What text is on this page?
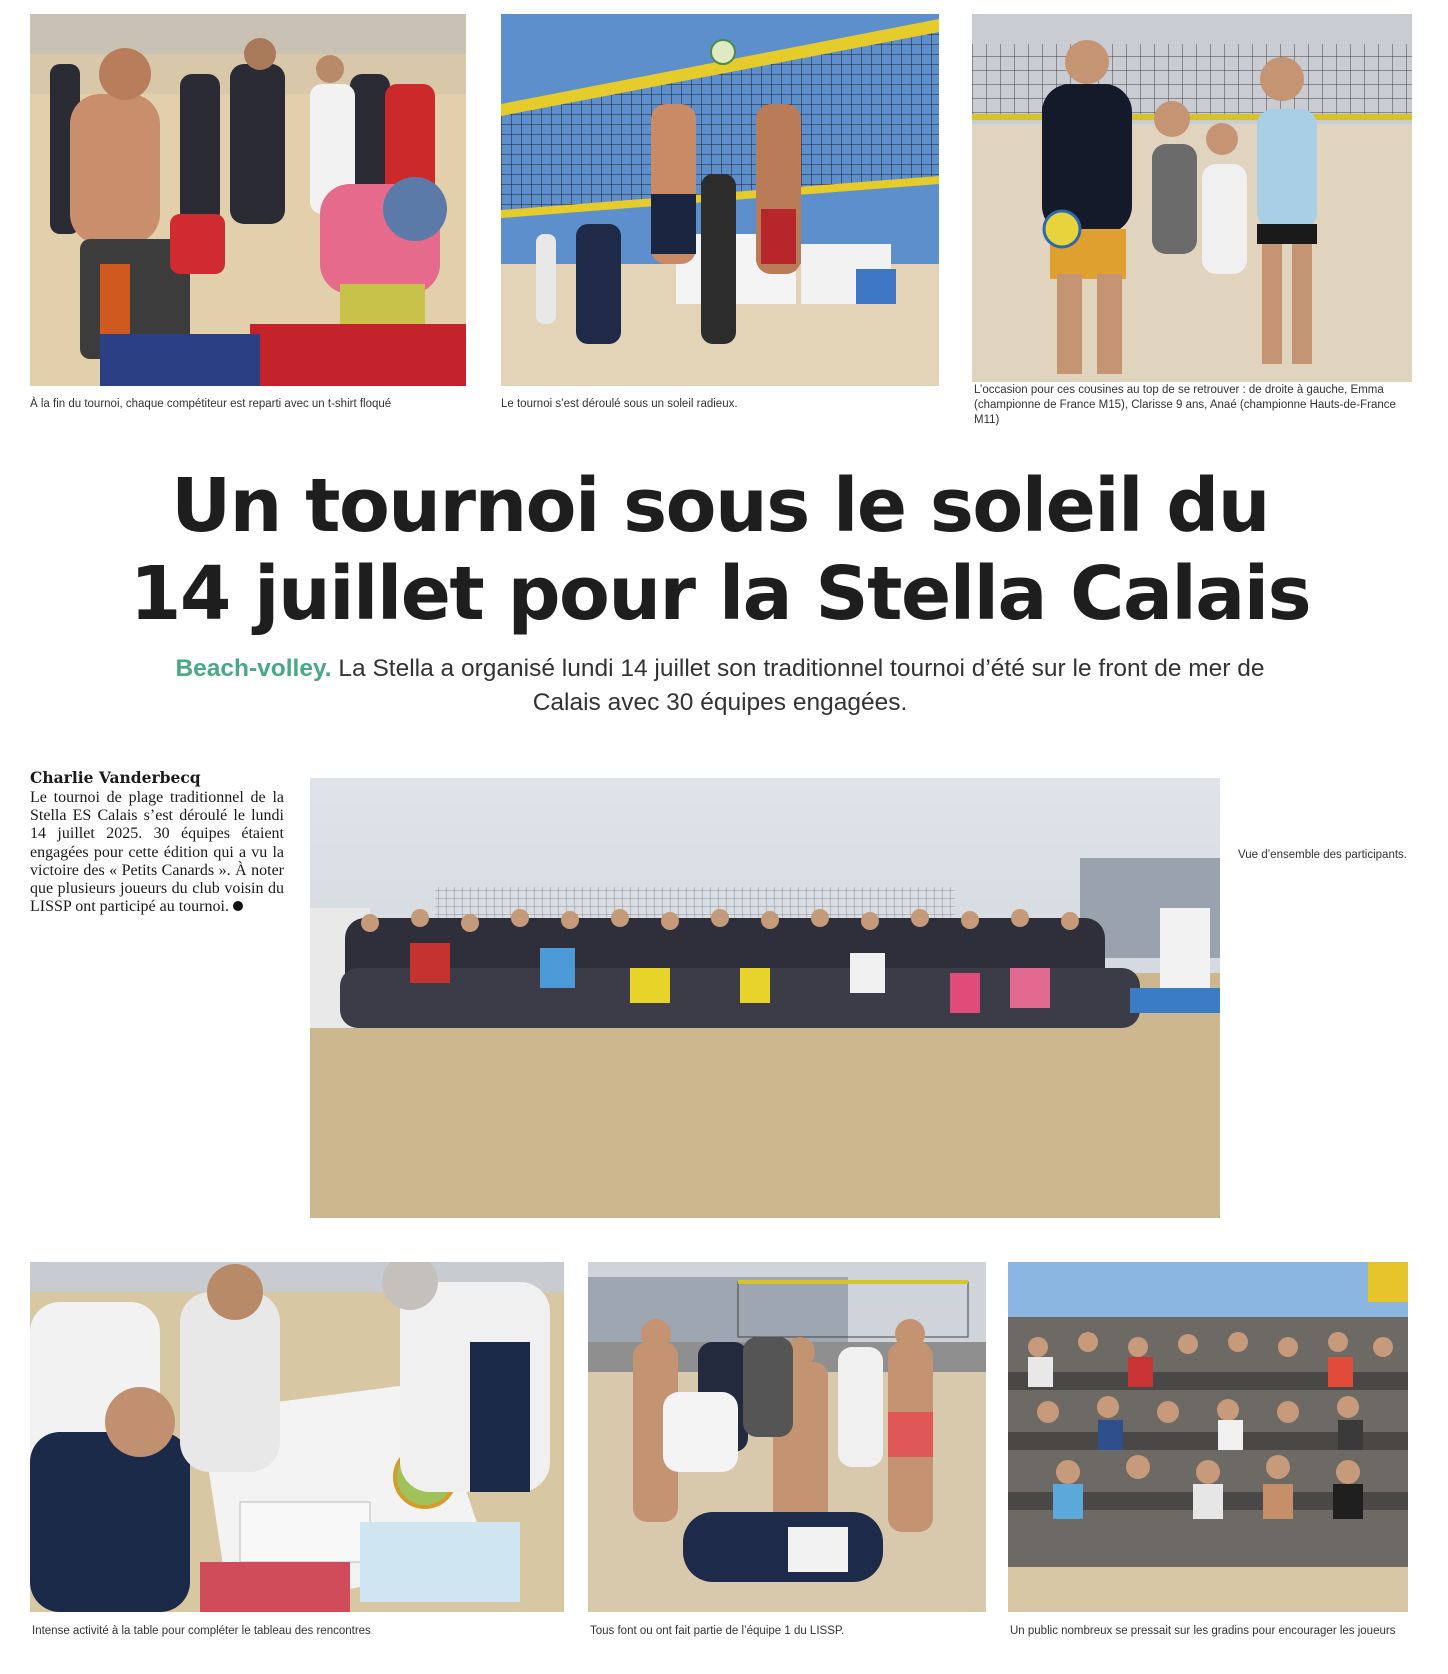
À la fin du tournoi, chaque compétiteur est reparti avec un t-shirt floqué	Le tournoi s’est déroulé sous un soleil radieux.
L’occasion pour ces cousines au top de se retrouver : de droite à gauche, Emma (championne de France M15), Clarisse 9 ans, Anaé (championne Hauts-de-France M11)
Un tournoi sous le soleil du
14 juillet pour la Stella Calais
Beach-volley. La Stella a organisé lundi 14 juillet son traditionnel tournoi d’été sur le front de mer de Calais avec 30 équipes engagées.
Charlie Vanderbecq
Le tournoi de plage traditionnel de la Stella ES Calais s’est déroulé le lundi 14 juillet 2025. 30 équipes étaient engagées pour cette édition qui a vu la victoire des « Petits Canards ». À noter que plusieurs joueurs du club voisin du LISSP ont participé au tournoi.
Vue d’ensemble des participants.
Intense activité à la table pour compléter le tableau des rencontres	Tous font ou ont fait partie de l’équipe 1 du LISSP.	Un public nombreux se pressait sur les gradins pour encourager les joueurs
